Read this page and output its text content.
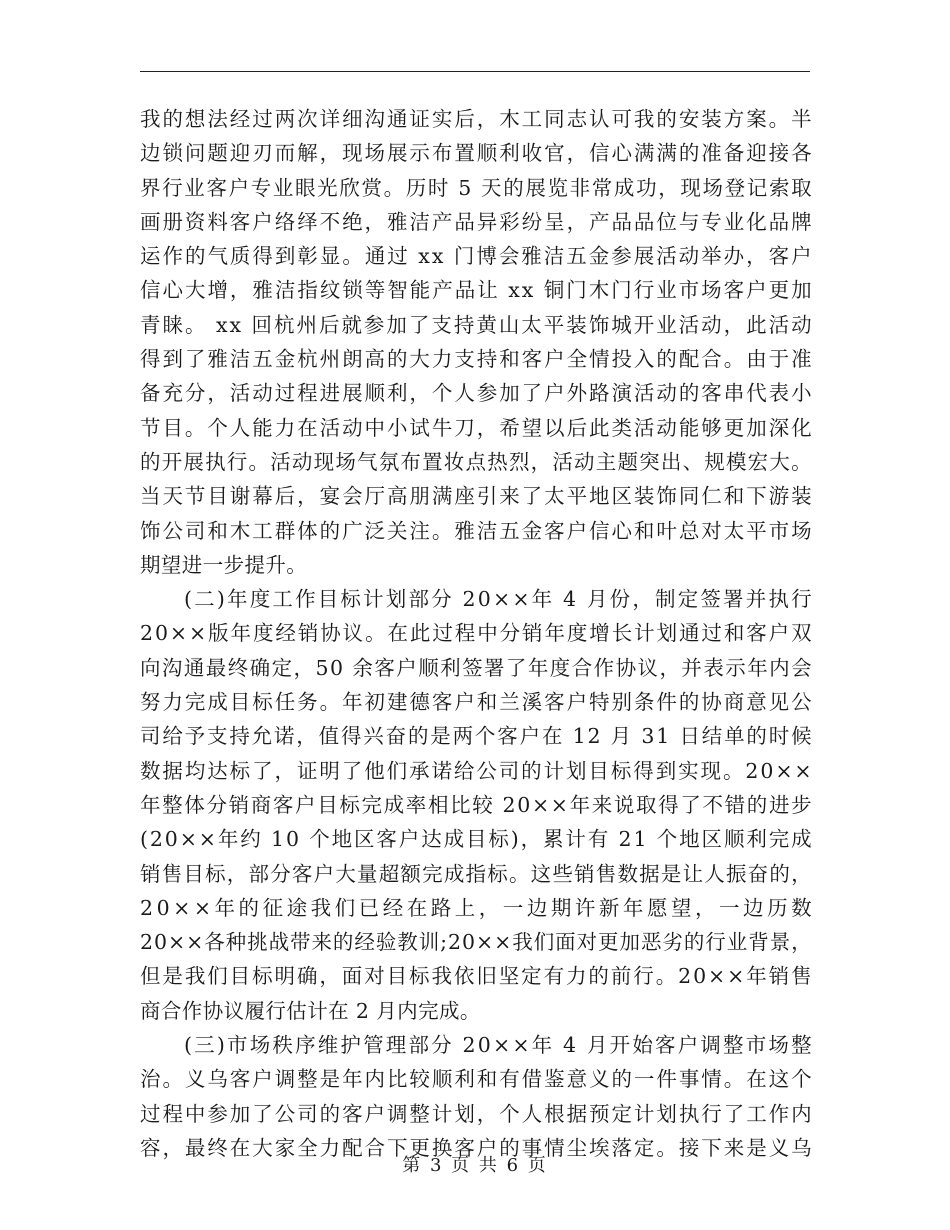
我的想法经过两次详细沟通证实后，木工同志认可我的安装方案。半
边锁问题迎刃而解，现场展示布置顺利收官，信心满满的准备迎接各
界行业客户专业眼光欣赏。历时 5 天的展览非常成功，现场登记索取
画册资料客户络绎不绝，雅洁产品异彩纷呈，产品品位与专业化品牌
运作的气质得到彰显。通过 xx 门博会雅洁五金参展活动举办，客户
信心大增，雅洁指纹锁等智能产品让 xx 铜门木门行业市场客户更加
青睐。 xx 回杭州后就参加了支持黄山太平装饰城开业活动，此活动
得到了雅洁五金杭州朗高的大力支持和客户全情投入的配合。由于准
备充分，活动过程进展顺利，个人参加了户外路演活动的客串代表小
节目。个人能力在活动中小试牛刀，希望以后此类活动能够更加深化
的开展执行。活动现场气氛布置妆点热烈，活动主题突出、规模宏大。
当天节目谢幕后，宴会厅高朋满座引来了太平地区装饰同仁和下游装
饰公司和木工群体的广泛关注。雅洁五金客户信心和叶总对太平市场
期望进一步提升。
(二)年度工作目标计划部分 20××年 4 月份，制定签署并执行
20××版年度经销协议。在此过程中分销年度增长计划通过和客户双
向沟通最终确定，50 余客户顺利签署了年度合作协议，并表示年内会
努力完成目标任务。年初建德客户和兰溪客户特别条件的协商意见公
司给予支持允诺，值得兴奋的是两个客户在 12 月 31 日结单的时候
数据均达标了，证明了他们承诺给公司的计划目标得到实现。20××
年整体分销商客户目标完成率相比较 20××年来说取得了不错的进步
(20××年约 10 个地区客户达成目标)，累计有 21 个地区顺利完成
销售目标，部分客户大量超额完成指标。这些销售数据是让人振奋的，
20××年的征途我们已经在路上，一边期许新年愿望，一边历数
20××各种挑战带来的经验教训;20××我们面对更加恶劣的行业背景，
但是我们目标明确，面对目标我依旧坚定有力的前行。20××年销售
商合作协议履行估计在 2 月内完成。
(三)市场秩序维护管理部分 20××年 4 月开始客户调整市场整
治。义乌客户调整是年内比较顺利和有借鉴意义的一件事情。在这个
过程中参加了公司的客户调整计划，个人根据预定计划执行了工作内
容，最终在大家全力配合下更换客户的事情尘埃落定。接下来是义乌
第 3 页 共 6 页
